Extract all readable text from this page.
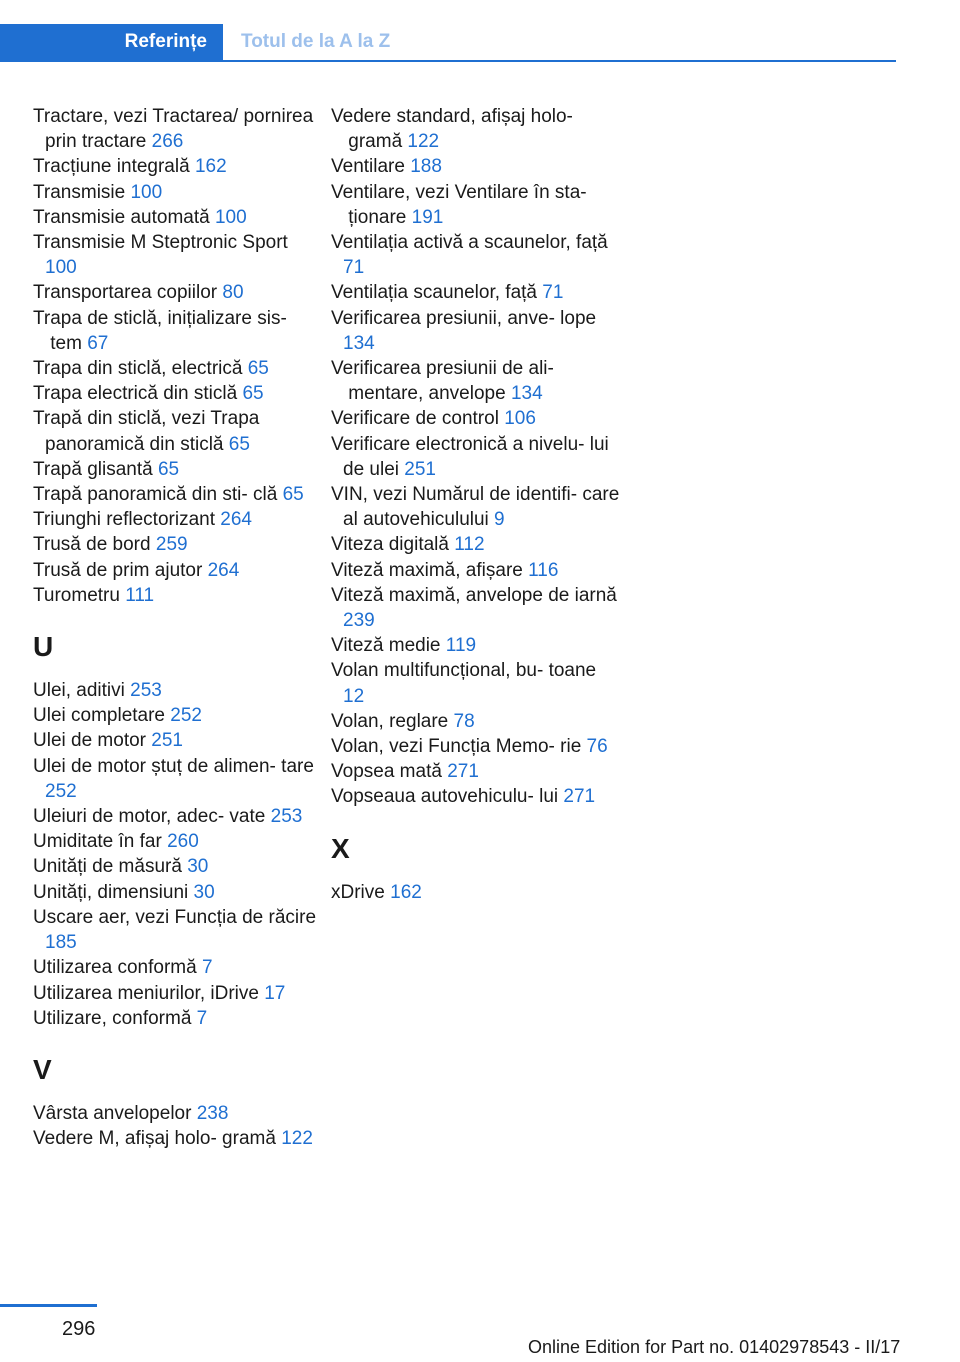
Referințe Totul de la A la Z
Tractare, vezi Tractarea/ pornirea prin tractare 266
Tracțiune integrală 162
Transmisie 100
Transmisie automată 100
Transmisie M Steptronic Sport 100
Transportarea copiilor 80
Trapa de sticlă, inițializare sis- tem 67
Trapa din sticlă, electrică 65
Trapa electrică din sticlă 65
Trapă din sticlă, vezi Trapa panoramică din sticlă 65
Trapă glisantă 65
Trapă panoramică din sti- clă 65
Triunghi reflectorizant 264
Trusă de bord 259
Trusă de prim ajutor 264
Turometru 111
U
Ulei, aditivi 253
Ulei completare 252
Ulei de motor 251
Ulei de motor ștuț de alimen- tare 252
Uleiuri de motor, adec- vate 253
Umiditate în far 260
Unități de măsură 30
Unități, dimensiuni 30
Uscare aer, vezi Funcția de răcire 185
Utilizarea conformă 7
Utilizarea meniurilor, iDrive 17
Utilizare, conformă 7
V
Vârsta anvelopelor 238
Vedere M, afișaj holo- gramă 122
Vedere standard, afișaj holo- gramă 122
Ventilare 188
Ventilare, vezi Ventilare în sta- ționare 191
Ventilația activă a scaunelor, față 71
Ventilația scaunelor, față 71
Verificarea presiunii, anve- lope 134
Verificarea presiunii de ali- mentare, anvelope 134
Verificare de control 106
Verificare electronică a nivelu- lui de ulei 251
VIN, vezi Numărul de identifi- care al autovehiculului 9
Viteza digitală 112
Viteză maximă, afișare 116
Viteză maximă, anvelope de iarnă 239
Viteză medie 119
Volan multifuncțional, bu- toane 12
Volan, reglare 78
Volan, vezi Funcția Memo- rie 76
Vopsea mată 271
Vopseaua autovehiculu- lui 271
X
xDrive 162
296
Online Edition for Part no. 01402978543 - II/17
